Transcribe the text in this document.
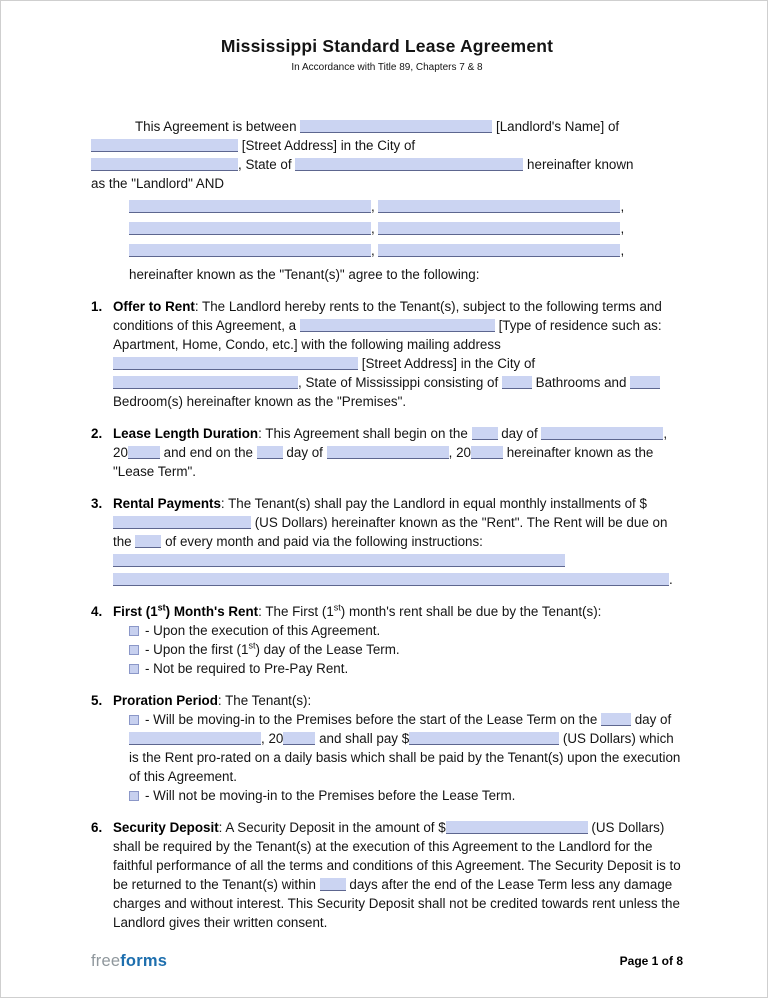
Mississippi Standard Lease Agreement
In Accordance with Title 89, Chapters 7 & 8
This Agreement is between	[Landlord's Name] of
[Street Address] in the City of
, State of	hereinafter known
as the "Landlord" AND
,	,
,	,
,	,
hereinafter known as the "Tenant(s)" agree to the following:
1. Offer to Rent: The Landlord hereby rents to the Tenant(s), subject to the following terms and conditions of this Agreement, a	[Type of residence such as: Apartment, Home, Condo, etc.] with the following mailing address  [Street Address] in the City of , State of Mississippi consisting of  Bathrooms and  Bedroom(s) hereinafter known as the "Premises".

2. Lease Length Duration: This Agreement shall begin on the  day of	, 20 and end on the  day of	, 20 hereinafter known as the "Lease Term".

3. Rental Payments: The Tenant(s) shall pay the Landlord in equal monthly installments of $ (US Dollars) hereinafter known as the "Rent". The Rent will be due on the  of every month and paid via the following instructions:  .

4. First (1st) Month's Rent: The First (1st) month's rent shall be due by the Tenant(s):

- Upon the execution of this Agreement.
- Upon the first (1st) day of the Lease Term.
- Not be required to Pre-Pay Rent.
5. Proration Period: The Tenant(s):

- Will be moving-in to the Premises before the start of the Lease Term on the  day of , 20 and shall pay $	(US Dollars) which is the Rent pro-rated on a daily basis which shall be paid by the Tenant(s) upon the execution of this Agreement.
- Will not be moving-in to the Premises before the Lease Term.
6. Security Deposit: A Security Deposit in the amount of $	(US Dollars) shall be required by the Tenant(s) at the execution of this Agreement to the Landlord for the faithful performance of all the terms and conditions of this Agreement. The Security Deposit is to be returned to the Tenant(s) within  days after the end of the Lease Term less any damage charges and without interest. This Security Deposit shall not be credited towards rent unless the Landlord gives their written consent.

freeforms	Page 1 of 8
